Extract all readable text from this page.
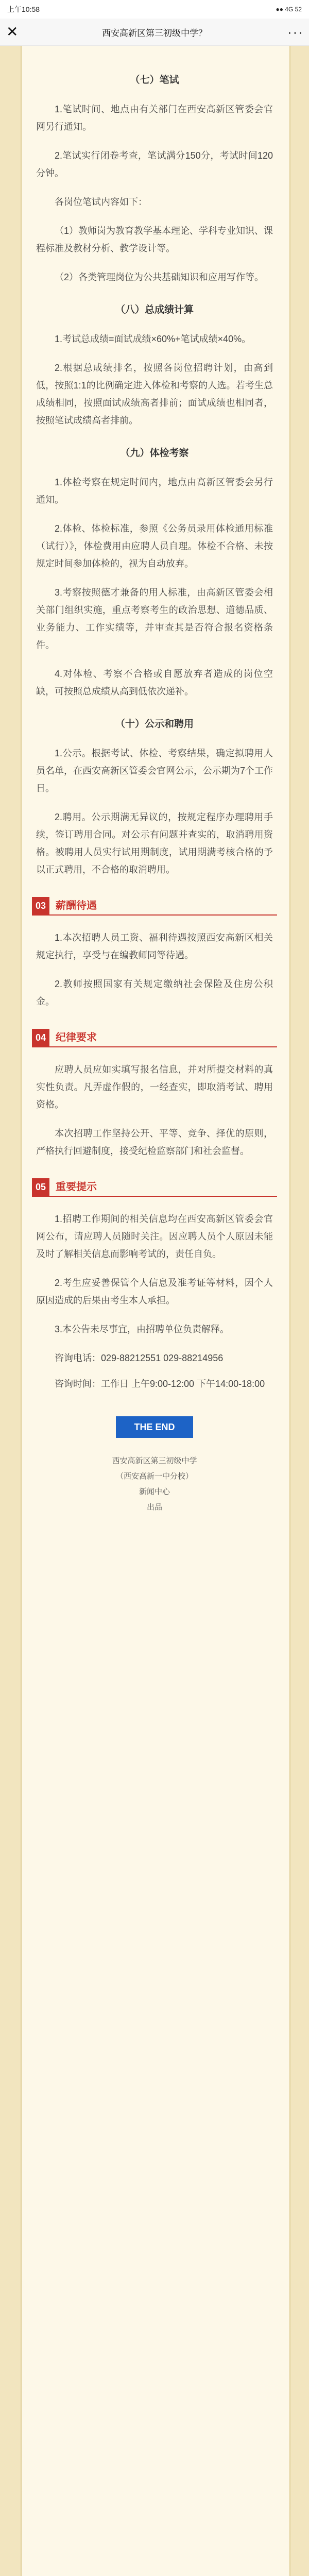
上午10:58	●● 4G 52
✕	西安高新区第三初级中学？	···
（七）笔试

1.笔试时间、地点由有关部门在西安高新区管委会官网另行通知。

2.笔试实行闭卷考查，笔试满分150分，考试时间120分钟。

各岗位笔试内容如下：

（1）教师岗为教育教学基本理论、学科专业知识、课程标准及教材分析、教学设计等。

（2）各类管理岗位为公共基础知识和应用写作等。

（八）总成绩计算

1.考试总成绩=面试成绩×60%+笔试成绩×40%。

2.根据总成绩排名，按照各岗位招聘计划，由高到低，按照1:1的比例确定进入体检和考察的人选。若考生总成绩相同，按照面试成绩高者排前；面试成绩也相同者，按照笔试成绩高者排前。

（九）体检考察

1.体检考察在规定时间内，地点由高新区管委会另行通知。

2.体检、体检标准，参照《公务员录用体检通用标准（试行）》，体检费用由应聘人员自理。体检不合格、未按规定时间参加体检的，视为自动放弃。

3.考察按照德才兼备的用人标准，由高新区管委会相关部门组织实施，重点考察考生的政治思想、道德品质、业务能力、工作实绩等，并审查其是否符合报名资格条件。

4.对体检、考察不合格或自愿放弃者造成的岗位空缺，可按照总成绩从高到低依次递补。

（十）公示和聘用

1.公示。根据考试、体检、考察结果，确定拟聘用人员名单，在西安高新区管委会官网公示，公示期为7个工作日。

2.聘用。公示期满无异议的，按规定程序办理聘用手续，签订聘用合同。对公示有问题并查实的，取消聘用资格。被聘用人员实行试用期制度，试用期满考核合格的予以正式聘用，不合格的取消聘用。

03 薪酬待遇

1.本次招聘人员工资、福利待遇按照西安高新区相关规定执行，享受与在编教师同等待遇。

2.教师按照国家有关规定缴纳社会保险及住房公积金。

04 纪律要求

应聘人员应如实填写报名信息，并对所提交材料的真实性负责。凡弄虚作假的，一经查实，即取消考试、聘用资格。

本次招聘工作坚持公开、平等、竞争、择优的原则，严格执行回避制度，接受纪检监察部门和社会监督。

05 重要提示

1.招聘工作期间的相关信息均在西安高新区管委会官网公布，请应聘人员随时关注。因应聘人员个人原因未能及时了解相关信息而影响考试的，责任自负。

2.考生应妥善保管个人信息及准考证等材料，因个人原因造成的后果由考生本人承担。

3.本公告未尽事宜，由招聘单位负责解释。

咨询电话：029-88212551 029-88214956

咨询时间：工作日 上午9:00-12:00 下午14:00-18:00

THE END
西安高新区第三初级中学
（西安高新一中分校）
新闻中心
出品
